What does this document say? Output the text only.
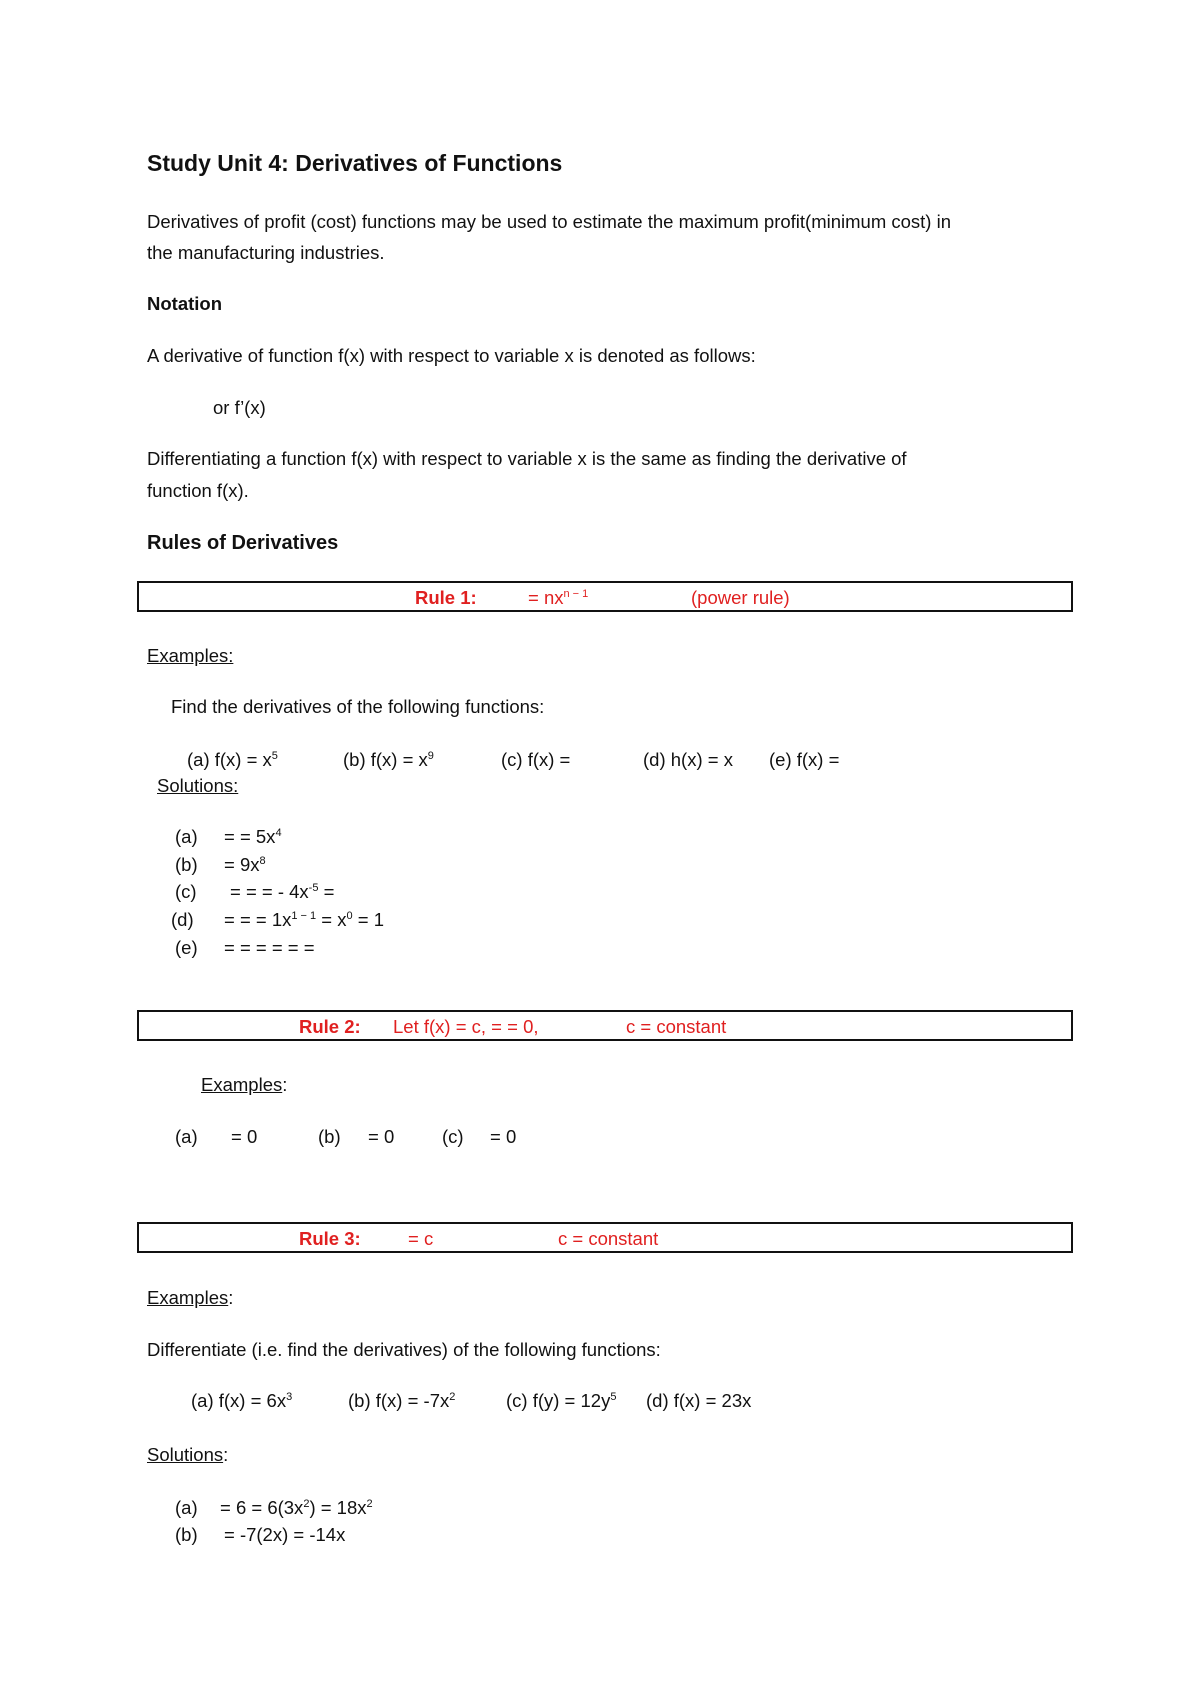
Study Unit 4: Derivatives of Functions
Derivatives of profit (cost) functions may be used to estimate the maximum profit(minimum cost) in
the manufacturing industries.
Notation
A derivative of function f(x) with respect to variable x is denoted as follows:
or f’(x)
Differentiating a function f(x) with respect to variable x is the same as finding the derivative of
function f(x).
Rules of Derivatives
Rule 1:	= $nx^{n - 1}$	(power rule)
Examples:
Find the derivatives of the following functions:
(a) $f(x) = x^5$	(b) $f(x) = x^9$	(c) f(x) =	(d) h(x) = x (e) f(x) =
Solutions:
(a) = = $5x^4$
$(b) = 9x^8$
(c) = = = - $4x^{-5}$ =
(d) = = = $1x^{1 - 1} = x^0 = 1$
(e) = = = = = =
Rule 2: Let f(x) = c, = = 0,	c = constant
Examples:
(a) = 0	(b) = 0	(c) = 0
Rule 3:	= c	c = constant
Examples:
Differentiate (i.e. find the derivatives) of the following functions:
(a) $f(x) = 6x^3$	(b) $f(x) = -7x^2$	(c) $f(y) = 12y^5$ (d) f(x) = 23x
Solutions:
$(a) = 6 = 6(3x^2) = 18x^2$
(b) = -7(2x) = -14x
